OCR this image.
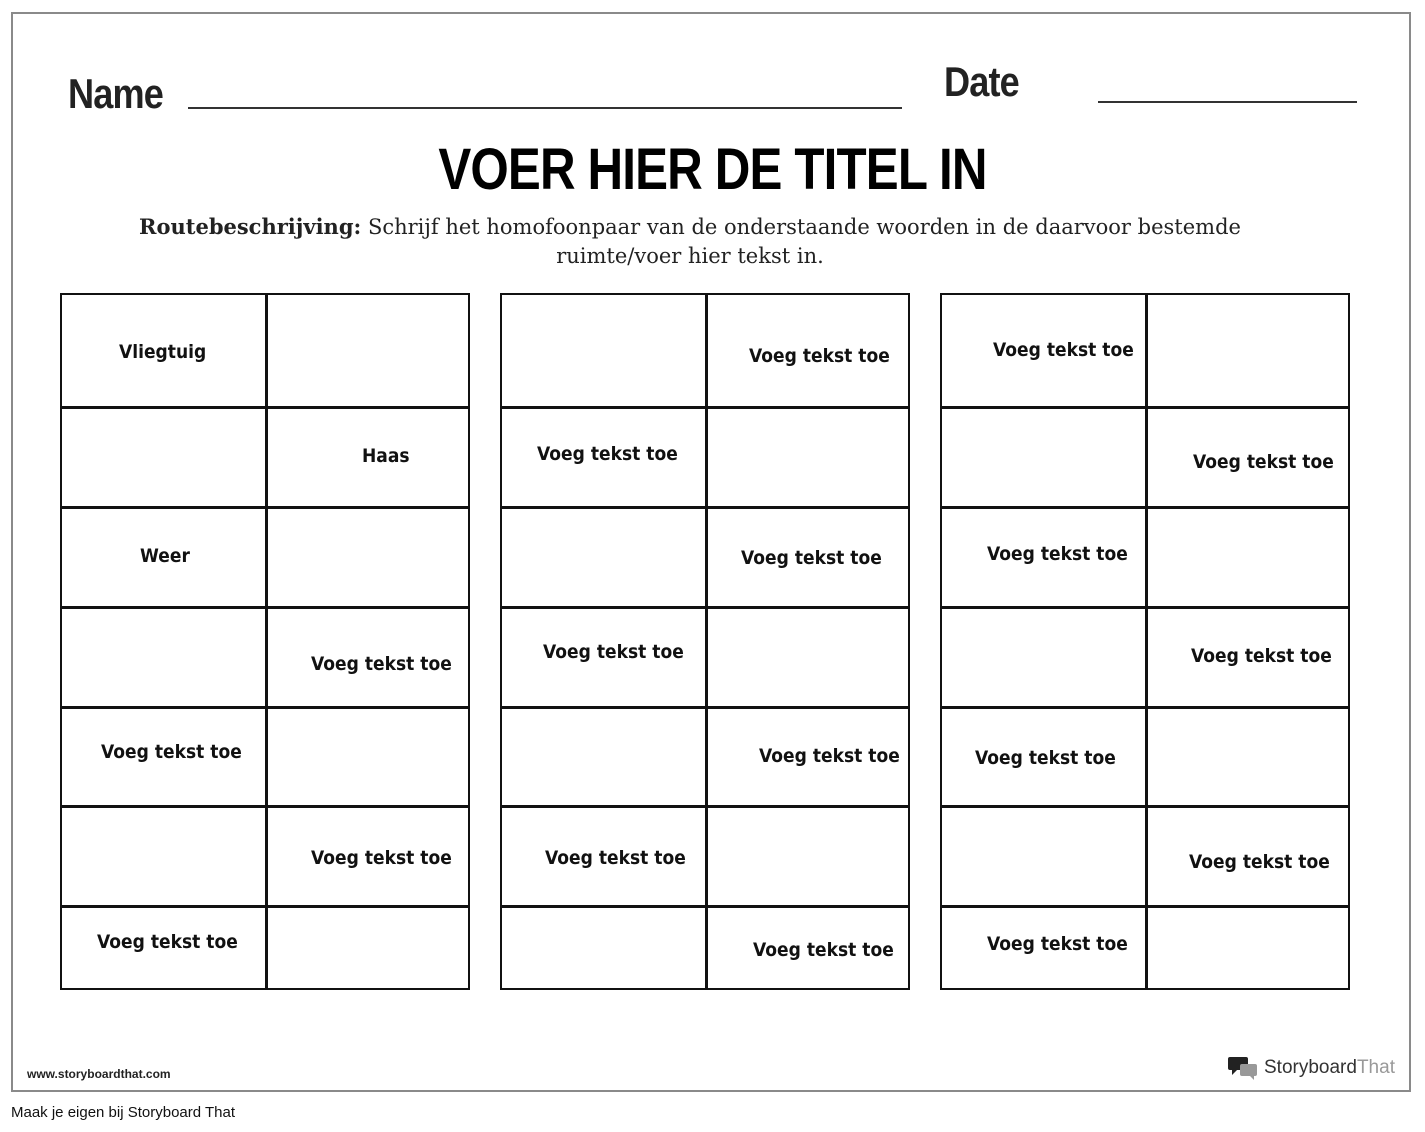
Name	Date
VOER HIER DE TITEL IN
Routebeschrijving: Schrijf het homofoonpaar van de onderstaande woorden in de daarvoor bestemde ruimte/voer hier tekst in.
Vliegtuig
Haas
Weer
Voeg tekst toe
Voeg tekst toe
Voeg tekst toe
Voeg tekst toe
Voeg tekst toe
Voeg tekst toe
Voeg tekst toe
Voeg tekst toe
Voeg tekst toe
Voeg tekst toe
Voeg tekst toe
Voeg tekst toe
Voeg tekst toe
Voeg tekst toe
Voeg tekst toe
Voeg tekst toe
Voeg tekst toe
Voeg tekst toe
www.storyboardthat.com	Storyboard That
Maak je eigen bij Storyboard That
